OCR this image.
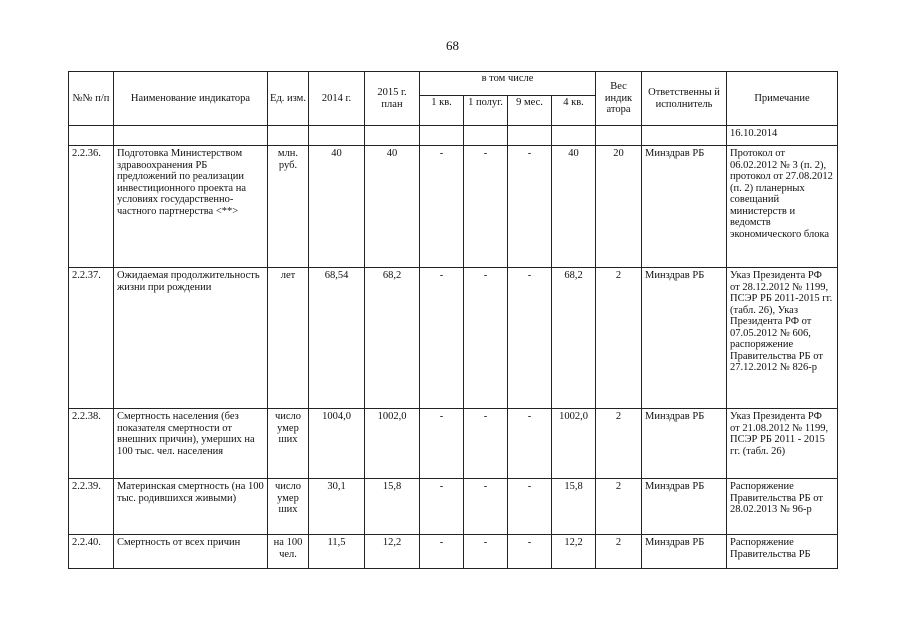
68
№№ п/п	Наименование индикатора	Ед. изм.	2014 г.	2015 г. план	в том числе				Вес индик атора	Ответственны й исполнитель	Примечание
					1 кв.	1 полуг.	9 мес.	4 кв.			
											16.10.2014
2.2.36.	Подготовка Министерством здравоохранения РБ предложений по реализации инвестиционного проекта на условиях государственно-частного партнерства <**>	млн. руб.	40	40	-	-	-	40	20	Минздрав РБ	Протокол от 06.02.2012 № 3 (п. 2), протокол от 27.08.2012 (п. 2) планерных совещаний министерств и ведомств экономического блока
2.2.37.	Ожидаемая продолжительность жизни при рождении	лет	68,54	68,2	-	-	-	68,2	2	Минздрав РБ	Указ Президента РФ от 28.12.2012 № 1199, ПСЭР РБ 2011-2015 гг. (табл. 26), Указ Президента РФ от 07.05.2012 № 606, распоряжение Правительства РБ от 27.12.2012 № 826-р
2.2.38.	Смертность населения (без показателя смертности от внешних причин), умерших на 100 тыс. чел. населения	число умер ших	1004,0	1002,0	-	-	-	1002,0	2	Минздрав РБ	Указ Президента РФ от 21.08.2012 № 1199, ПСЭР РБ 2011 - 2015 гг. (табл. 26)
2.2.39.	Материнская смертность (на 100 тыс. родившихся живыми)	число умер ших	30,1	15,8	-	-	-	15,8	2	Минздрав РБ	Распоряжение Правительства РБ от 28.02.2013 № 96-р
2.2.40.	Смертность от всех причин	на 100 чел.	11,5	12,2	-	-	-	12,2	2	Минздрав РБ	Распоряжение Правительства РБ
